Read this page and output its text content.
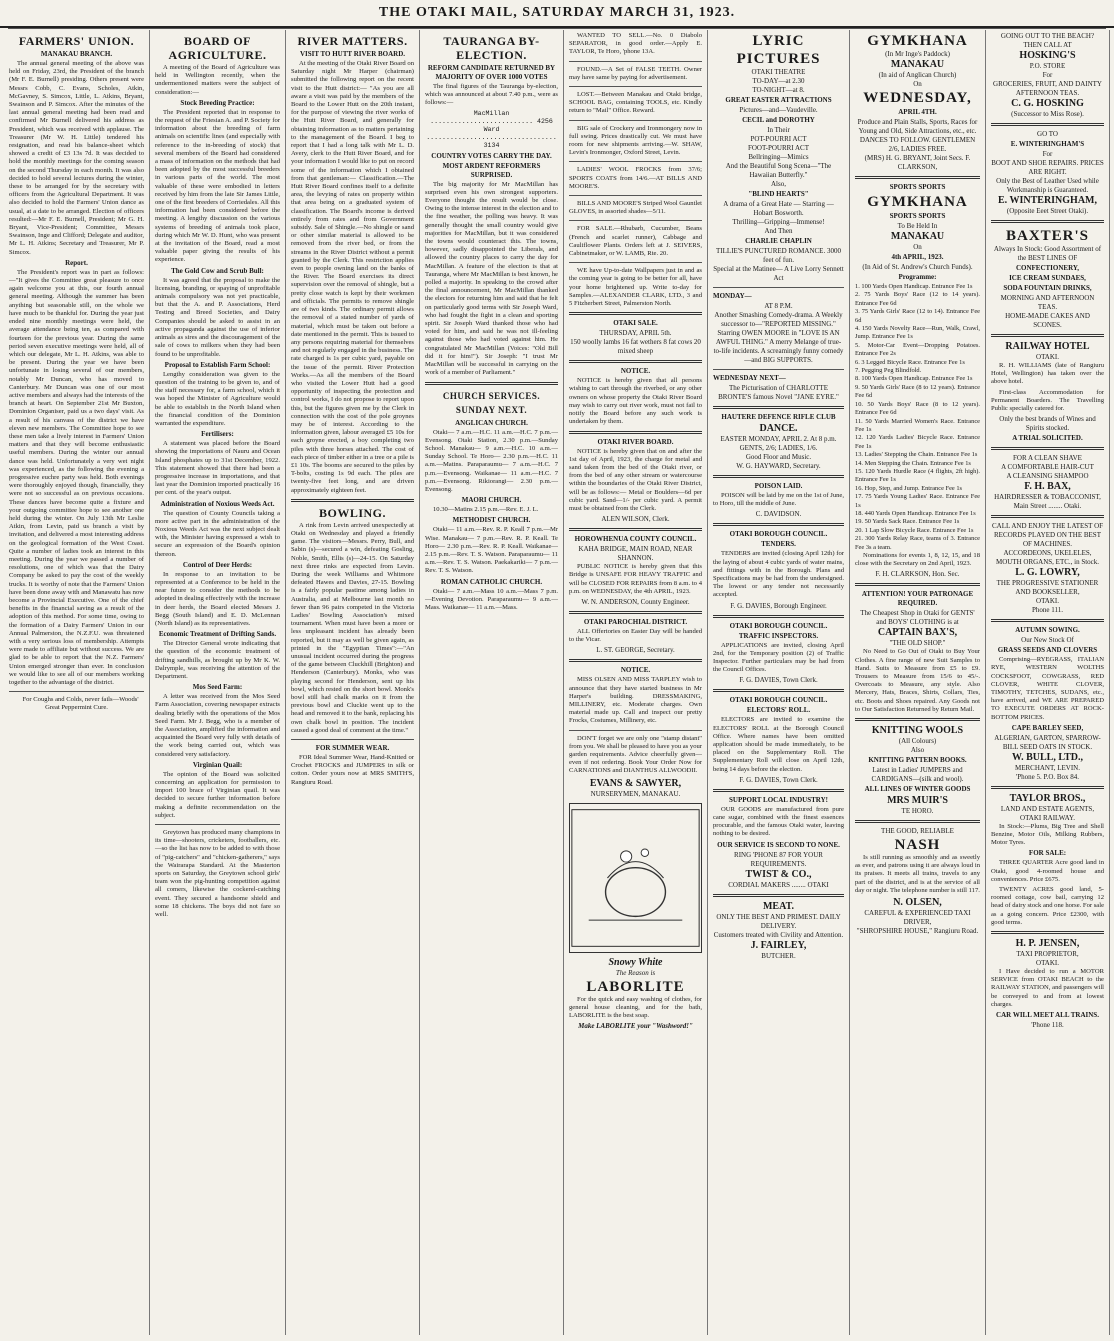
THE OTAKI MAIL, SATURDAY MARCH 31, 1923.
FARMERS' UNION.
MANAKAU BRANCH.

The annual general meeting of the above was held on Friday, 23rd, the President of the branch (Mr F. E. Burnell) presiding. Others present were Messrs Cobb, C. Evans, Scholes, Atkin, McGavney, S. Simcox, Little, L. Atkins, Bryant, Swainson and P. Simcox. After the minutes of the last annual general meeting had been read and confirmed Mr Burnell delivered his address as President, which was received with applause. The Treasurer (Mr W. H. Little) tendered his resignation, and read his balance-sheet which showed a credit of £3 13s 7d. It was decided to hold the monthly meetings for the coming season on the second Thursday in each month. It was also decided to hold several lectures during the winter, these to be arranged for by the secretary with officers from the Agricultural Department. It was also decided to hold the Farmers' Union dance as usual, at a date to be arranged. Election of officers resulted:—Mr F. E. Burnell, President; Mr G. H. Bryant, Vice-President; Committee, Messrs Swainson, Inge and Clifford; Delegate and auditor, Mr L. H. Atkins; Secretary and Treasurer, Mr P. Simcox.

Report.

The President's report was in part as follows:—"It gives the Committee great pleasure to once again welcome you at this, our fourth annual general meeting. Although the summer has been anything but seasonable still, on the whole we have much to be thankful for. During the year just ended nine monthly meetings were held, the average attendance being ten, as compared with fourteen for the previous year. During the same period seven executive meetings were held, all of which our delegate, Mr L. H. Atkins, was able to be present. During the year we have been unfortunate in losing several of our members, notably Mr Duncan, who has moved to Canterbury. Mr Duncan was one of our most active members and always had the interests of the branch at heart. On September 21st Mr Buxton, Dominion Organiser, paid us a two days' visit. As a result of his canvass of the district we have eleven new members. The Committee hope to see these men take a lively interest in Farmers' Union matters and that they will become enthusiastic useful members. During the winter our annual dance was held. Unfortunately a very wet night was experienced, as the following the evening a progressive euchre party was held. Both evenings were thoroughly enjoyed though, financially, they were not so successful as on previous occasions. These dances have become quite a fixture and your outgoing committee hope to see another one held during the winter. On July 13th Mr Leslie Atkin, from Levin, paid us branch a visit by invitation, and delivered a most interesting address on the geological formation of the West Coast. Quite a number of ladies took an interest in this meeting. During the year we passed a number of resolutions, one of which was that the Dairy Company be asked to pay the cost of the weekly trucks. It is worthy of note that the Farmers' Union have been done away with and Manawatu has now become a Provincial Executive. One of the chief benefits in the financial saving as a result of the adoption of this method. For some time, owing to the formation of a Dairy Farmers' Union in our Annual Palmerston, the N.Z.F.U. was threatened with a very serious loss of membership. Attempts were made to affiliate but without success. We are glad to be able to report that the N.Z. Farmers' Union emerged stronger than ever. In conclusion we would like to see all of our members working together to the advantage of the district.

For Coughs and Colds, never fails—Woods' Great Peppermint Cure.

BOARD OF AGRICULTURE.

A meeting of the Board of Agriculture was held in Wellington recently, when the undermentioned matters were the subject of consideration:—

Stock Breeding Practice:

The President reported that in response to the request of the Friesian A. and P. Society for information about the breeding of farm animals on scientific lines (and especially with reference to the in-breeding of stock) that several members of the Board had considered a mass of information on the methods that had been adopted by the most successful breeders in various parts of the world. The most valuable of these were embodied in letters received by him from the late Sir James Little, one of the first breeders of Corriedales. All this information had been considered before the meeting. A lengthy discussion on the various systems of breeding of animals took place, during which Mr W. D. Hunt, who was present at the invitation of the Board, read a most valuable paper giving the results of his experience.

The Gold Cow and Scrub Bull:

It was agreed that the proposal to make the licensing, branding, or spaying of unprofitable animals compulsory was not yet practicable, but that the A. and P. Associations, Herd Testing and Breed Societies, and Dairy Companies should be asked to assist in an active propaganda against the use of inferior animals as sires and the discouragement of the sale of cows to milkers when they had been found to be unprofitable.

Proposal to Establish Farm School:

Lengthy consideration was given to the question of the training to be given to, and of the staff necessary for, a farm school, which it was hoped the Minister of Agriculture would be able to establish in the North Island when the financial condition of the Dominion warranted the expenditure.

Fertilisers:

A statement was placed before the Board showing the importations of Nauru and Ocean Island phosphates up to 31st December, 1922. This statement showed that there had been a progressive increase in importations, and that last year the Dominion imported practically 16 per cent. of the year's output.

Administration of Noxious Weeds Act.

The question of County Councils taking a more active part in the administration of the Noxious Weeds Act was the next subject dealt with, the Minister having expressed a wish to secure an expression of the Board's opinion thereon.

Control of Deer Herds:

In response to an invitation to be represented at a Conference to be held in the near future to consider the methods to be adopted in dealing effectively with the increase in deer herds, the Board elected Messrs J. Begg (South Island) and E. D. McLennan (North Island) as its representatives.

Economic Treatment of Drifting Sands.

The Director General wrote indicating that the question of the economic treatment of drifting sandhills, as brought up by Mr K. W. Dalrymple, was receiving the attention of the Department.

Mos Seed Farm:

A letter was received from the Mos Seed Farm Association, covering newspaper extracts dealing briefly with the operations of the Mos Seed Farm. Mr J. Begg, who is a member of the Association, amplified the information and acquainted the Board very fully with details of the work being carried out, which was considered very satisfactory.

Virginian Quail:

The opinion of the Board was solicited concerning an application for permission to import 100 brace of Virginian quail. It was decided to secure further information before making a definite recommendation on the subject.

Greytown has produced many champions in its time—shooters, cricketers, footballers, etc.—so the list has now to be added to with those of "pig-catchers" and "chicken-gatherers," says the Wairarapa Standard. At the Masterton sports on Saturday, the Greytown school girls' team won the pig-hunting competition against all comers, likewise the cockerel-catching event. They secured a handsome shield and some 18 chickens. The boys did not fare so well.

RIVER MATTERS.
VISIT TO HUTT RIVER BOARD.

At the meeting of the Otaki River Board on Saturday night Mr Harper (chairman) submitted the following report on the recent visit to the Hutt district:— "As you are all aware a visit was paid by the members of the Board to the Lower Hutt on the 20th instant, for the purpose of viewing the river works of the Hutt River Board, and generally for obtaining information as to matters pertaining to the management of the Board. I beg to report that I had a long talk with Mr L. D. Avery, clerk to the Hutt River Board, and for your information I would like to put on record some of the information which I obtained from that gentleman:— Classification.—The Hutt River Board confines itself to a definite area, the levying of rates on property within that area being on a graduated system of classification. The Board's income is derived entirely from rates and from Government subsidy. Sale of Shingle.—No shingle or sand or other similar material is allowed to be removed from the river bed, or from the streams in the River District without a permit granted by the Clerk. This restriction applies even to people owning land on the banks of the River. The Board exercises its direct supervision over the removal of shingle, but a pretty close watch is kept by their workmen and officials. The permits to remove shingle are of two kinds. The ordinary permit allows the removal of a stated number of yards of material, which must be taken out before a date mentioned in the permit. This is issued to any persons requiring material for themselves and not regularly engaged in the business. The rate charged is 1s per cubic yard, payable on the issue of the permit. River Protection Works.—As all the members of the Board who visited the Lower Hutt had a good opportunity of inspecting the protection and control works, I do not propose to report upon this, but the figures given me by the Clerk in connection with the cost of the pole groynes may be of interest. According to the information given, labour averaged £5 10s for each groyne erected, a boy completing two piles with three horses attached. The cost of each piece of timber either in a tree or a pile is £1 10s. The booms are secured to the piles by T-bolts, costing 1s 9d each. The piles are twenty-five feet long, and are driven approximately eighteen feet.

BOWLING.

A rink from Levin arrived unexpectedly at Otaki on Wednesday and played a friendly game. The visitors—Messrs. Perry, Bull, and Sabin (s)—secured a win, defeating Gosling, Noble, Smith, Ellis (s)—24-15. On Saturday next three rinks are expected from Levin. During the week Williams and Whitmore defeated Hawes and Davies, 27-15. Bowling is a fairly popular pastime among ladies in Australia, and at Melbourne last month no fewer than 96 pairs competed in the Victoria Ladies' Bowling Association's mixed tournament. When must have been a more or less unpleasant incident has already been reported, but it may as well be given again, as printed in the "Egyptian Times":—"An unusual incident occurred during the progress of the game between Cluckhill (Brighton) and Henderson (Canterbury). Monks, who was playing second for Henderson, sent up his bowl, which rested on the short bowl. Monk's bowl still had chalk marks on it from the previous bowl and Cluckie went up to the head and removed it to the bank, replacing his own chalk bowl in position. The incident caused a good deal of comment at the time."

FOR SUMMER WEAR.

FOR Ideal Summer Wear, Hand-Knitted or Crochet FROCKS and JUMPERS in silk or cotton. Order yours now at MRS SMITH'S, Rangiuru Road.

TAURANGA BY-ELECTION.
REFORM CANDIDATE RETURNED BY MAJORITY OF OVER 1000 VOTES

The final figures of the Tauranga by-election, which was announced at about 7.40 p.m., were as follows:—

MacMillan .......................... 4256
Ward ................................. 3134
COUNTRY VOTES CARRY THE DAY.
MOST ARDENT REFORMERS SURPRISED.

The big majority for Mr MacMillan has surprised even his own strongest supporters. Everyone thought the result would be close. Owing to the intense interest in the election and to the fine weather, the polling was heavy. It was generally thought the small country would give majorities for MacMillan, but it was considered the towns would counteract this. The towns, however, sadly disappointed the Liberals, and allowed the country places to carry the day for MacMillan. A feature of the election is that at Tauranga, where Mr MacMillan is best known, he polled a majority. In speaking to the crowd after the final announcement, Mr MacMillan thanked the electors for returning him and said that he felt on particularly good terms with Sir Joseph Ward, who had fought the fight in a clean and sporting spirit. Sir Joseph Ward thanked those who had voted for him, and said he was not ill-feeling against those who had voted against him. He congratulated Mr MacMillan (Voices: "Old Bill did it for him!"). Sir Joseph: "I trust Mr MacMillan will be successful in carrying on the work of a member of Parliament."

CHURCH SERVICES. SUNDAY NEXT.
ANGLICAN CHURCH.

Otaki— 7 a.m.—H.C. 11 a.m.—H.C. 7 p.m.—Evensong. Otaki Station, 2.30 p.m.—Sunday School. Manakau— 9 a.m.—H.C. 10 a.m.—Sunday School. Te Horo— 2.30 p.m.—H.C. 11 a.m.—Matins. Paraparaumu— 7 a.m.—H.C. 7 p.m.—Evensong. Waikanae— 11 a.m.—H.C. 7 p.m.—Evensong. Rikiorangi— 2.30 p.m.—Evensong.

MAORI CHURCH.

10.30—Matins 2.15 p.m.—Rev. E. J. L.

METHODIST CHURCH.

Otaki— 11 a.m.—Rev. R. P. Keall 7 p.m.—Mr Wise. Manakau— 7 p.m.—Rev. R. P. Keall. Te Horo— 2.30 p.m.—Rev. R. P. Keall. Waikanae— 2.15 p.m.—Rev. T. S. Watson. Paraparaumu— 11 a.m.—Rev. T. S. Watson. Paekakariki— 7 p.m.—Rev. T. S. Watson.

ROMAN CATHOLIC CHURCH.

Otaki— 7 a.m.—Mass 10 a.m.—Mass 7 p.m.—Evening Devotion. Paraparaumu— 9 a.m.—Mass. Waikanae— 11 a.m.—Mass.

WANTED TO SELL.—No. 0 Diabolo SEPARATOR, in good order.—Apply E. TAYLOR, Te Horo, 'phone 13A.

FOUND.—A Set of FALSE TEETH. Owner may have same by paying for advertisement.

LOST.—Between Manakau and Otaki bridge, SCHOOL BAG, containing TOOLS, etc. Kindly return to "Mail" Office. Reward.

BIG sale of Crockery and Ironmongery now in full swing. Prices drastically cut. We must have room for new shipments arriving.—W. SHAW, Levin's Ironmonger, Oxford Street, Levin.

LADIES' WOOL FROCKS from 37/6; SPORTS COATS from 14/6.—AT BILLS AND MOORE'S.

BILLS AND MOORE'S Striped Wool Gauntlet GLOVES, in assorted shades—5/11.

FOR SALE.—Rhubarb, Cucumber, Beans (French and scarlet runner), Cabbage and Cauliflower Plants. Orders left at J. SEIVERS, Cabinetmaker, or W. LAMB, Rte. 20.

WE have Up-to-date Wallpapers just in and as the coming year is going to be better for all, have your home brightened up. Write to-day for Samples.—ALEXANDER CLARK, LTD., 3 and 5 Fitzherbert Street, Palmerston North.

OTAKI SALE.
THURSDAY, APRIL 5th.
150 woolly lambs 16 fat wethers 8 fat cows 20 mixed sheep
NOTICE.

NOTICE is hereby given that all persons wishing to cart through the riverbed, or any other owners on whose property the Otaki River Board may wish to carry out river work, must not fail to notify the Board before any such work is undertaken by them.

OTAKI RIVER BOARD.

NOTICE is hereby given that on and after the 1st day of April, 1923, the charge for metal and sand taken from the bed of the Otaki river, or from the bed of any other stream or watercourse within the boundaries of the Otaki River District, will be as follows:— Metal or Boulders—6d per cubic yard. Sand—1/- per cubic yard. A permit must be obtained from the Clerk.

ALEN WILSON, Clerk.
HOROWHENUA COUNTY COUNCIL.
KAHA BRIDGE, MAIN ROAD, NEAR SHANNON.

PUBLIC NOTICE is hereby given that this Bridge is UNSAFE FOR HEAVY TRAFFIC and will be CLOSED FOR REPAIRS from 8 a.m. to 4 p.m. on WEDNESDAY, the 4th APRIL, 1923.

W. N. ANDERSON, County Engineer.
OTAKI PAROCHIAL DISTRICT.

ALL Offertories on Easter Day will be handed to the Vicar.

L. ST. GEORGE, Secretary.
NOTICE.

MISS OLSEN AND MISS TARPLEY wish to announce that they have started business in Mr Harper's building. DRESSMAKING, MILLINERY, etc. Moderate charges. Own material made up. Call and inspect our pretty Frocks, Costumes, Millinery, etc.

DON'T forget we are only one "stamp distant" from you. We shall be pleased to have you as your garden requirements. Advice cheerfully given—even if not ordering. Book Your Order Now for CARNATIONS and DIANTHUS ALLWOODII.

EVANS & SAWYER,
NURSERYMEN, MANAKAU.
Snowy White
The Reason is
LABORLITE

For the quick and easy washing of clothes, for general house cleaning, and for the bath, LABORLITE is the best soap.

Make LABORLITE your "Washword!"
LYRIC PICTURES
OTAKI THEATRE
TO-DAY—at 2.30
TO-NIGHT—at 8.
GREAT EASTER ATTRACTIONS
Pictures—and—Vaudeville.
CECIL and DOROTHY
In Their
POT-POURRI ACT
FOOT-POURRI ACT
Bellringing—Mimics
And the Beautiful Song Scena—"The Hawaiian Butterfly."
Also,
"BLIND HEARTS"
A drama of a Great Hate — Starring — Hobart Bosworth.
Thrilling—Gripping—Immense!
And Then
CHARLIE CHAPLIN
TILLIE'S PUNCTURED ROMANCE. 3000 feet of fun.
Special at the Matinee— A Live Lorry Sennett Act
MONDAY—
AT 8 P.M.
Another Smashing Comedy-drama. A Weekly successor to—"REPORTED MISSING." Starring OWEN MOORE in "LOVE IS AN AWFUL THING." A merry Melange of true-to-life incidents. A screamingly funny comedy—and BIG SUPPORTS.
WEDNESDAY NEXT—
The Picturisation of CHARLOTTE BRONTE'S famous Novel "JANE EYRE."
HAUTERE DEFENCE RIFLE CLUB
DANCE.
EASTER MONDAY, APRIL 2. At 8 p.m.
GENTS, 2/6; LADIES, 1/6.
Good Floor and Music.
W. G. HAYWARD, Secretary.
POISON LAID.

POISON will be laid by me on the 1st of June, to Horo, till the middle of June.

C. DAVIDSON.
OTAKI BOROUGH COUNCIL.
TENDERS.

TENDERS are invited (closing April 12th) for the laying of about 4 cubic yards of water mains, and fittings with in the Borough. Plans and Specifications may be had from the undersigned. The lowest or any tender not necessarily accepted.

F. G. DAVIES, Borough Engineer.
OTAKI BOROUGH COUNCIL.
TRAFFIC INSPECTORS.

APPLICATIONS are invited, closing April 2nd, for the Temporary position (2) of Traffic Inspector. Further particulars may be had from the Council Offices.

F. G. DAVIES, Town Clerk.
OTAKI BOROUGH COUNCIL.
ELECTORS' ROLL.

ELECTORS are invited to examine the ELECTORS' ROLL at the Borough Council Office. Where names have been omitted application should be made immediately, to be placed on the Supplementary Roll. The Supplementary Roll will close on April 12th, being 14 days before the election.

F. G. DAVIES, Town Clerk.
SUPPORT LOCAL INDUSTRY!

OUR GOODS are manufactured from pure cane sugar, combined with the finest essences procurable, and the famous Otaki water, leaving nothing to be desired.

OUR SERVICE IS SECOND TO NONE.
RING 'PHONE 87 FOR YOUR REQUIREMENTS.
TWIST & CO.,
CORDIAL MAKERS ........ OTAKI
MEAT.
ONLY THE BEST AND PRIMEST. DAILY DELIVERY.
Customers treated with Civility and Attention.
J. FAIRLEY,
BUTCHER.
GYMKHANA
(In Mr Inge's Paddock)
MANAKAU
(In aid of Anglican Church)
On
WEDNESDAY,
APRIL 4TH.
Produce and Plain Stalls, Sports, Races for Young and Old, Side Attractions, etc., etc.
DANCES TO FOLLOW. GENTLEMEN 2/6, LADIES FREE.
(MRS) H. G. BRYANT, Joint Secs. F. CLARKSON,
SPORTS SPORTS
GYMKHANA
SPORTS SPORTS
To Be Held In
MANAKAU
On
4th APRIL, 1923.
(In Aid of St. Andrew's Church Funds).
Programme:
1. 100 Yards Open Handicap. Entrance Fee 1s
2. 75 Yards Boys' Race (12 to 14 years). Entrance Fee 6d
3. 75 Yards Girls' Race (12 to 14). Entrance Fee 6d
4. 150 Yards Novelty Race—Run, Walk, Crawl, Jump. Entrance Fee 1s
5. Motor-Car Event—Dropping Potatoes. Entrance Fee 2s
6. 3 Legged Bicycle Race. Entrance Fee 1s
7. Pegging Peg Blindfold.
8. 100 Yards Open Handicap. Entrance Fee 1s
9. 50 Yards Girls' Race (8 to 12 years). Entrance Fee 6d
10. 50 Yards Boys' Race (8 to 12 years). Entrance Fee 6d
11. 50 Yards Married Women's Race. Entrance Fee 1s
12. 120 Yards Ladies' Bicycle Race. Entrance Fee 1s
13. Ladies' Stepping the Chain. Entrance Fee 1s
14. Men Stepping the Chain. Entrance Fee 1s
15. 120 Yards Hurdle Race (4 flights, 2ft high). Entrance Fee 1s
16. Hop, Step, and Jump. Entrance Fee 1s
17. 75 Yards Young Ladies' Race. Entrance Fee 1s
18. 440 Yards Open Handicap. Entrance Fee 1s
19. 50 Yards Sack Race. Entrance Fee 1s
20. 1 Lap Slow Bicycle Race. Entrance Fee 1s
21. 300 Yards Relay Race, teams of 3. Entrance Fee 3s a team.

Nominations for events 1, 8, 12, 15, and 18 close with the Secretary on 2nd April, 1923.

F. H. CLARKSON, Hon. Sec.
ATTENTION! YOUR PATRONAGE REQUIRED.
The Cheapest Shop in Otaki for GENTS' and BOYS' CLOTHING is at
CAPTAIN BAX'S,
"THE OLD SHOP."

No Need to Go Out of Otaki to Buy Your Clothes. A fine range of new Suit Samples to Hand. Suits to Measure from £5 to £9. Trousers to Measure from 15/6 to 45/-. Overcoats to Measure, any style. Also Mercery, Hats, Braces, Shirts, Collars, Ties, etc. Boots and Shoes repaired. Any Goods not to Our Satisfaction Returned by Return Mail.

KNITTING WOOLS
(All Colours)
Also
KNITTING PATTERN BOOKS.
Latest in Ladies' JUMPERS and CARDIGANS—(silk and wool).
ALL LINES OF WINTER GOODS
MRS MUIR'S
TE HORO.
THE GOOD, RELIABLE
NASH

Is still running as smoothly and as sweetly as ever, and patrons using it are always loud in its praises. It meets all trains, travels to any part of the district, and is at the service of all day or night. The telephone number is still 117.

N. OLSEN,
CAREFUL & EXPERIENCED TAXI DRIVER,
"SHROPSHIRE HOUSE," Rangiuru Road.
GOING OUT TO THE BEACH? THEN CALL AT
HOSKING'S
P.O. STORE
For
GROCERIES, FRUIT, AND DAINTY AFTERNOON TEAS.
C. G. HOSKING
(Successor to Miss Rose).
GO TO
E. WINTERINGHAM'S
For
BOOT AND SHOE REPAIRS. PRICES ARE RIGHT.
Only the Best of Leather Used while Workmanship is Guaranteed.
E. WINTERINGHAM,
(Opposite Eeet Street Otaki).
BAXTER'S
Always In Stock: Good Assortment of the BEST LINES OF
CONFECTIONERY,
ICE CREAM SUNDAES,
SODA FOUNTAIN DRINKS,
MORNING AND AFTERNOON TEAS.
HOME-MADE CAKES AND SCONES.
RAILWAY HOTEL
OTAKI.

R. H. WILLIAMS (late of Rangiuru Hotel, Wellington) has taken over the above hotel.

First-class Accommodation for Permanent Boarders. The Travelling Public specially catered for.

Only the best brands of Wines and Spirits stocked.
A TRIAL SOLICITED.
FOR A CLEAN SHAVE
A COMFORTABLE HAIR-CUT
A CLEANSING SHAMPOO
F. H. BAX,
HAIRDRESSER & TOBACCONIST, Main Street ........ Otaki.
CALL AND ENJOY THE LATEST OF RECORDS PLAYED ON THE BEST OF MACHINES.
ACCORDEONS, UKELELES, MOUTH ORGANS, ETC., in Stock.
L. G. LOWRY,
THE PROGRESSIVE STATIONER AND BOOKSELLER,
OTAKI.
Phone 111.
AUTUMN SOWING.
Our New Stock Of
GRASS SEEDS AND CLOVERS

Comprising—RYEGRASS, ITALIAN RYE, WESTERN WOLTHS COCKSFOOT, COWGRASS, RED CLOVER, WHITE CLOVER, TIMOTHY, TETCHES, SUDANS, etc., have arrived, and WE ARE PREPARED TO EXECUTE ORDERS AT ROCK-BOTTOM PRICES.

CAPE BARLEY SEED,
ALGERIAN, GARTON, SPARROW-BILL SEED OATS IN STOCK.
W. BULL, LTD.,
MERCHANT, LEVIN.
'Phone 5. P.O. Box 84.
TAYLOR BROS.,
LAND AND ESTATE AGENTS,
OTAKI RAILWAY.

In Stock:—Plums, Big Tree and Shell Benzine, Motor Oils, Milking Rubbers, Motor Tyres.

FOR SALE:

THREE QUARTER Acre good land in Otaki, good 4-roomed house and conveniences. Price £675.

TWENTY ACRES good land, 5-roomed cottage, cow bail, carrying 12 head of dairy stock and one horse. For sale as a going concern. Price £2300, with good terms.

H. P. JENSEN,
TAXI PROPRIETOR,
OTAKI.

I Have decided to run a MOTOR SERVICE from OTAKI BEACH to the RAILWAY STATION, and passengers will be conveyed to and from at lowest charges.

CAR WILL MEET ALL TRAINS.
'Phone 118.
